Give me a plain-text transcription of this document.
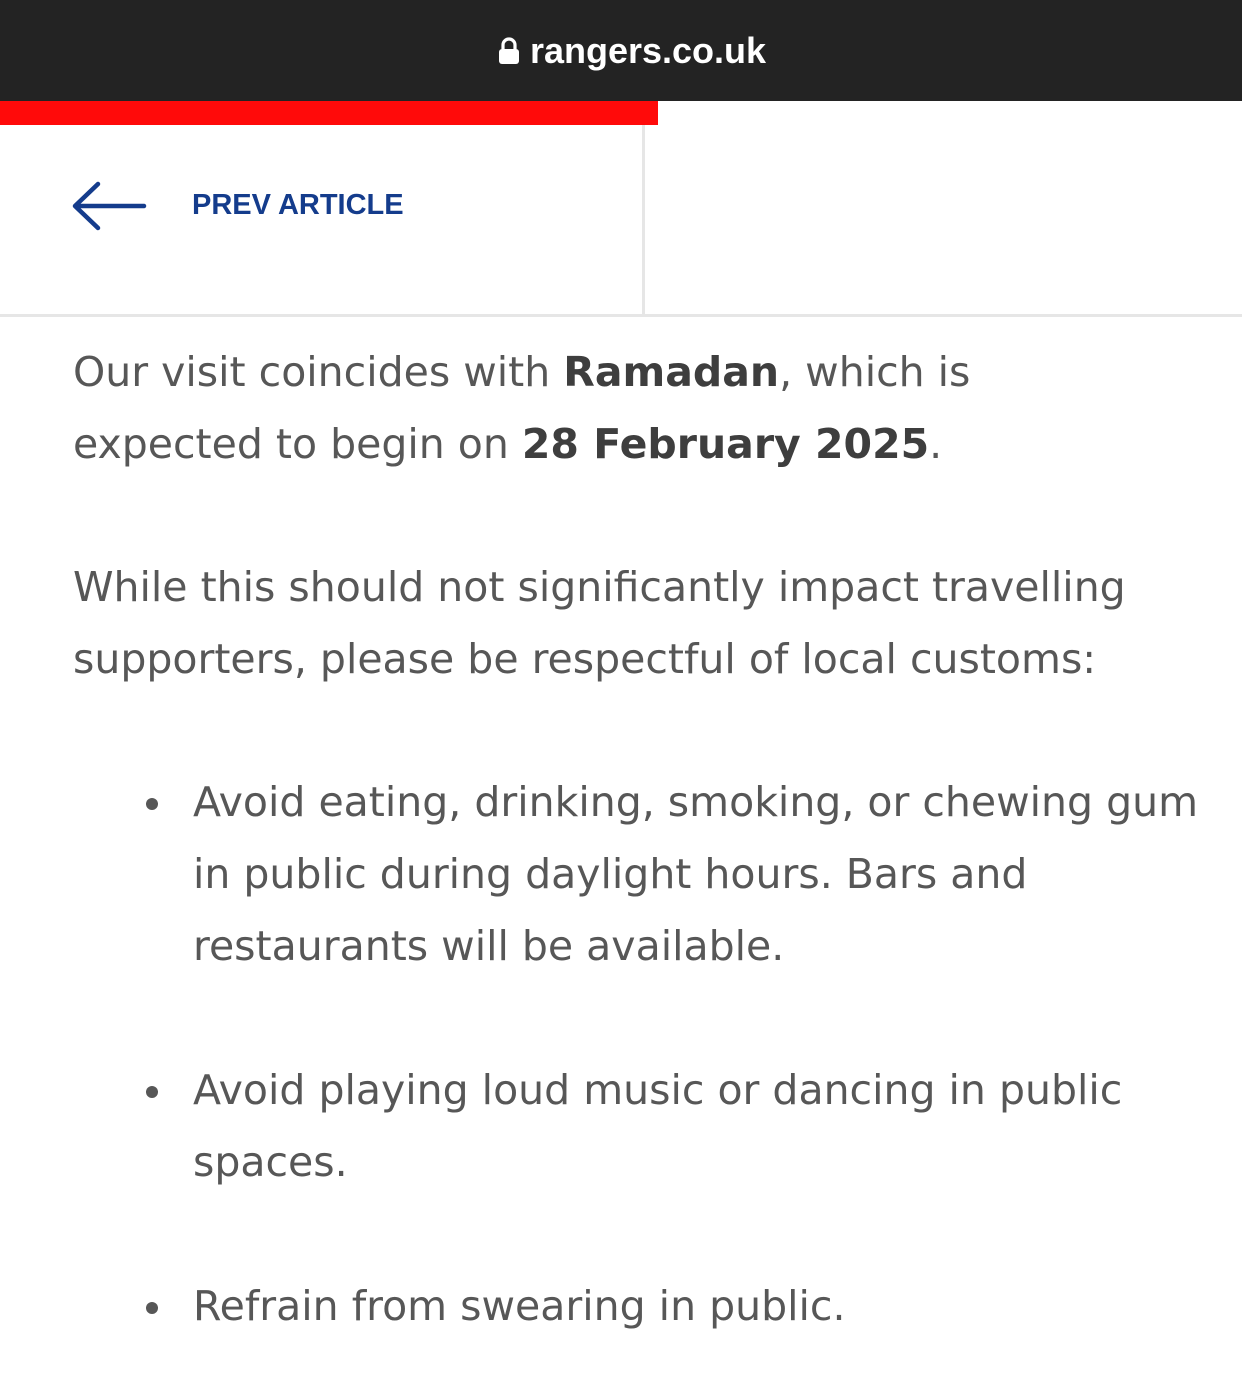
rangers.co.uk
PREV ARTICLE

Our visit coincides with Ramadan, which is expected to begin on 28 February 2025.

While this should not significantly impact travelling supporters, please be respectful of local customs:

Avoid eating, drinking, smoking, or chewing gum in public during daylight hours. Bars and restaurants will be available.
Avoid playing loud music or dancing in public spaces.
Refrain from swearing in public.
